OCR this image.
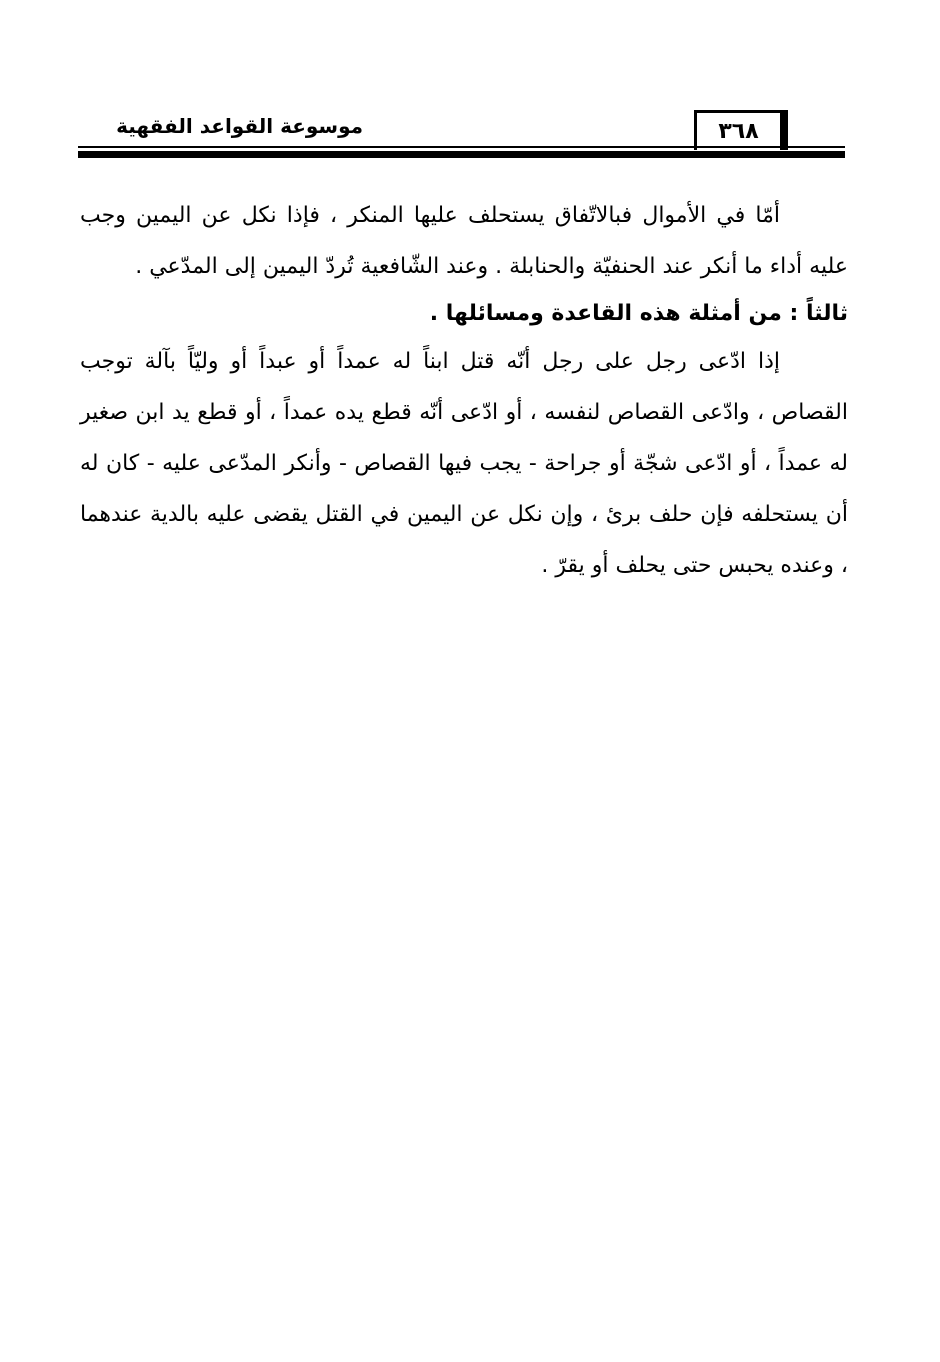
٣٦٨
موسوعة القواعد الفقهية

أمّا في الأموال فبالاتّفاق يستحلف عليها المنكر ، فإذا نكل عن اليمين وجب عليه أداء ما أنكر عند الحنفيّة والحنابلة . وعند الشّافعية تُردّ اليمين إلى المدّعي .

ثالثاً : من أمثلة هذه القاعدة ومسائلها .

إذا ادّعى رجل على رجل أنّه قتل ابناً له عمداً أو عبداً أو وليّاً بآلة توجب القصاص ، وادّعى القصاص لنفسه ، أو ادّعى أنّه قطع يده عمداً ، أو قطع يد ابن صغير له عمداً ، أو ادّعى شجّة أو جراحة - يجب فيها القصاص - وأنكر المدّعى عليه - كان له أن يستحلفه فإن حلف برئ ، وإن نكل عن اليمين في القتل يقضى عليه بالدية عندهما ، وعنده يحبس حتى يحلف أو يقرّ .
